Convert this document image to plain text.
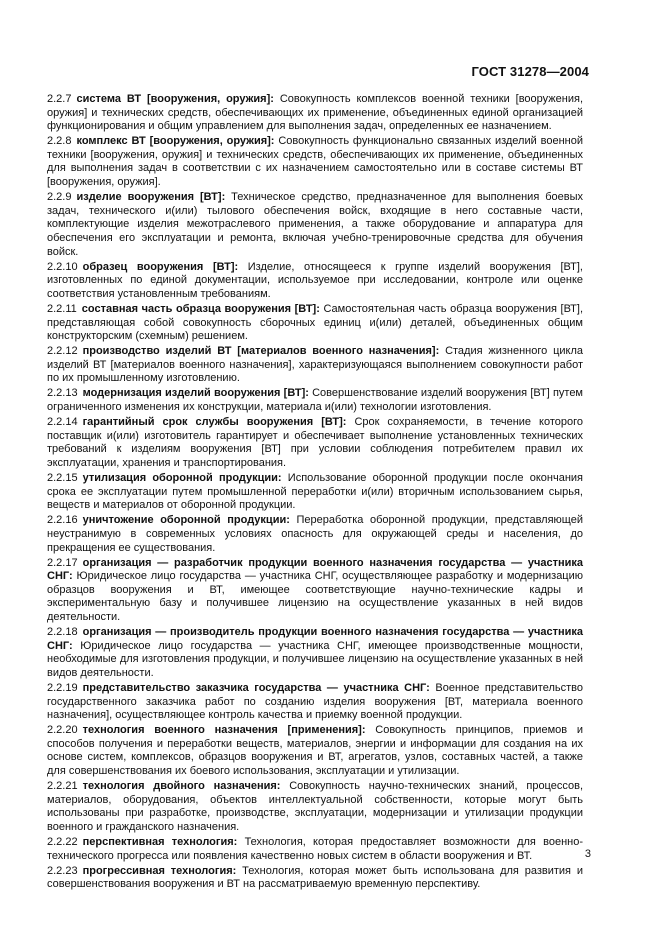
ГОСТ 31278—2004

2.2.7 система ВТ [вооружения, оружия]: Совокупность комплексов военной техники [вооружения, оружия] и технических средств, обеспечивающих их применение, объединенных единой организацией функционирования и общим управлением для выполнения задач, определенных ее назначением.

2.2.8 комплекс ВТ [вооружения, оружия]: Совокупность функционально связанных изделий военной техники [вооружения, оружия] и технических средств, обеспечивающих их применение, объединенных для выполнения задач в соответствии с их назначением самостоятельно или в составе системы ВТ [вооружения, оружия].

2.2.9 изделие вооружения [ВТ]: Техническое средство, предназначенное для выполнения боевых задач, технического и(или) тылового обеспечения войск, входящие в него составные части, комплектующие изделия межотраслевого применения, а также оборудование и аппаратура для обеспечения его эксплуатации и ремонта, включая учебно-тренировочные средства для обучения войск.

2.2.10 образец вооружения [ВТ]: Изделие, относящееся к группе изделий вооружения [ВТ], изготовленных по единой документации, используемое при исследовании, контроле или оценке соответствия установленным требованиям.

2.2.11 составная часть образца вооружения [ВТ]: Самостоятельная часть образца вооружения [ВТ], представляющая собой совокупность сборочных единиц и(или) деталей, объединенных общим конструкторским (схемным) решением.

2.2.12 производство изделий ВТ [материалов военного назначения]: Стадия жизненного цикла изделий ВТ [материалов военного назначения], характеризующаяся выполнением совокупности работ по их промышленному изготовлению.

2.2.13 модернизация изделий вооружения [ВТ]: Совершенствование изделий вооружения [ВТ] путем ограниченного изменения их конструкции, материала и(или) технологии изготовления.

2.2.14 гарантийный срок службы вооружения [ВТ]: Срок сохраняемости, в течение которого поставщик и(или) изготовитель гарантирует и обеспечивает выполнение установленных технических требований к изделиям вооружения [ВТ] при условии соблюдения потребителем правил их эксплуатации, хранения и транспортирования.

2.2.15 утилизация оборонной продукции: Использование оборонной продукции после окончания срока ее эксплуатации путем промышленной переработки и(или) вторичным использованием сырья, веществ и материалов от оборонной продукции.

2.2.16 уничтожение оборонной продукции: Переработка оборонной продукции, представляющей неустранимую в современных условиях опасность для окружающей среды и населения, до прекращения ее существования.

2.2.17 организация — разработчик продукции военного назначения государства — участника СНГ: Юридическое лицо государства — участника СНГ, осуществляющее разработку и модернизацию образцов вооружения и ВТ, имеющее соответствующие научно-технические кадры и экспериментальную базу и получившее лицензию на осуществление указанных в ней видов деятельности.

2.2.18 организация — производитель продукции военного назначения государства — участника СНГ: Юридическое лицо государства — участника СНГ, имеющее производственные мощности, необходимые для изготовления продукции, и получившее лицензию на осуществление указанных в ней видов деятельности.

2.2.19 представительство заказчика государства — участника СНГ: Военное представительство государственного заказчика работ по созданию изделия вооружения [ВТ, материала военного назначения], осуществляющее контроль качества и приемку военной продукции.

2.2.20 технология военного назначения [применения]: Совокупность принципов, приемов и способов получения и переработки веществ, материалов, энергии и информации для создания на их основе систем, комплексов, образцов вооружения и ВТ, агрегатов, узлов, составных частей, а также для совершенствования их боевого использования, эксплуатации и утилизации.

2.2.21 технология двойного назначения: Совокупность научно-технических знаний, процессов, материалов, оборудования, объектов интеллектуальной собственности, которые могут быть использованы при разработке, производстве, эксплуатации, модернизации и утилизации продукции военного и гражданского назначения.

2.2.22 перспективная технология: Технология, которая предоставляет возможности для военно-технического прогресса или появления качественно новых систем в области вооружения и ВТ.

2.2.23 прогрессивная технология: Технология, которая может быть использована для развития и совершенствования вооружения и ВТ на рассматриваемую временную перспективу.

3
